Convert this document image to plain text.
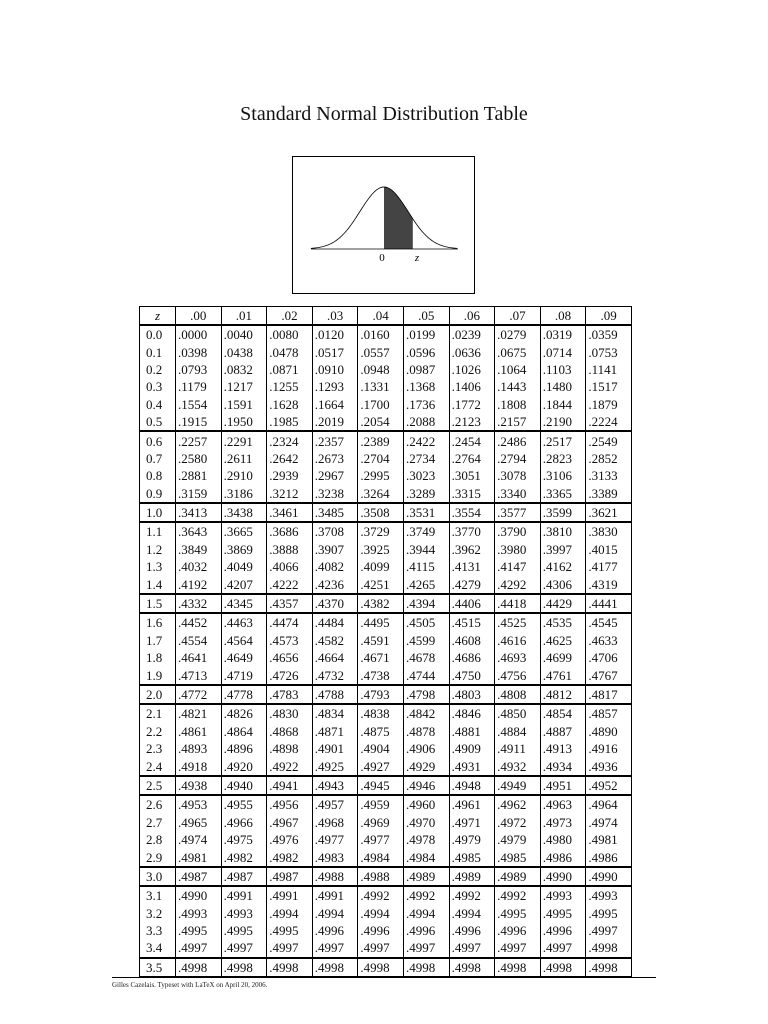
Standard Normal Distribution Table
0	z
z	.00	.01	.02	.03	.04	.05	.06	.07	.08	.09
0.0	.0000	.0040	.0080	.0120	.0160	.0199	.0239	.0279	.0319	.0359
0.1	.0398	.0438	.0478	.0517	.0557	.0596	.0636	.0675	.0714	.0753
0.2	.0793	.0832	.0871	.0910	.0948	.0987	.1026	.1064	.1103	.1141
0.3	.1179	.1217	.1255	.1293	.1331	.1368	.1406	.1443	.1480	.1517
0.4	.1554	.1591	.1628	.1664	.1700	.1736	.1772	.1808	.1844	.1879
0.5	.1915	.1950	.1985	.2019	.2054	.2088	.2123	.2157	.2190	.2224
0.6	.2257	.2291	.2324	.2357	.2389	.2422	.2454	.2486	.2517	.2549
0.7	.2580	.2611	.2642	.2673	.2704	.2734	.2764	.2794	.2823	.2852
0.8	.2881	.2910	.2939	.2967	.2995	.3023	.3051	.3078	.3106	.3133
0.9	.3159	.3186	.3212	.3238	.3264	.3289	.3315	.3340	.3365	.3389
1.0	.3413	.3438	.3461	.3485	.3508	.3531	.3554	.3577	.3599	.3621
1.1	.3643	.3665	.3686	.3708	.3729	.3749	.3770	.3790	.3810	.3830
1.2	.3849	.3869	.3888	.3907	.3925	.3944	.3962	.3980	.3997	.4015
1.3	.4032	.4049	.4066	.4082	.4099	.4115	.4131	.4147	.4162	.4177
1.4	.4192	.4207	.4222	.4236	.4251	.4265	.4279	.4292	.4306	.4319
1.5	.4332	.4345	.4357	.4370	.4382	.4394	.4406	.4418	.4429	.4441
1.6	.4452	.4463	.4474	.4484	.4495	.4505	.4515	.4525	.4535	.4545
1.7	.4554	.4564	.4573	.4582	.4591	.4599	.4608	.4616	.4625	.4633
1.8	.4641	.4649	.4656	.4664	.4671	.4678	.4686	.4693	.4699	.4706
1.9	.4713	.4719	.4726	.4732	.4738	.4744	.4750	.4756	.4761	.4767
2.0	.4772	.4778	.4783	.4788	.4793	.4798	.4803	.4808	.4812	.4817
2.1	.4821	.4826	.4830	.4834	.4838	.4842	.4846	.4850	.4854	.4857
2.2	.4861	.4864	.4868	.4871	.4875	.4878	.4881	.4884	.4887	.4890
2.3	.4893	.4896	.4898	.4901	.4904	.4906	.4909	.4911	.4913	.4916
2.4	.4918	.4920	.4922	.4925	.4927	.4929	.4931	.4932	.4934	.4936
2.5	.4938	.4940	.4941	.4943	.4945	.4946	.4948	.4949	.4951	.4952
2.6	.4953	.4955	.4956	.4957	.4959	.4960	.4961	.4962	.4963	.4964
2.7	.4965	.4966	.4967	.4968	.4969	.4970	.4971	.4972	.4973	.4974
2.8	.4974	.4975	.4976	.4977	.4977	.4978	.4979	.4979	.4980	.4981
2.9	.4981	.4982	.4982	.4983	.4984	.4984	.4985	.4985	.4986	.4986
3.0	.4987	.4987	.4987	.4988	.4988	.4989	.4989	.4989	.4990	.4990
3.1	.4990	.4991	.4991	.4991	.4992	.4992	.4992	.4992	.4993	.4993
3.2	.4993	.4993	.4994	.4994	.4994	.4994	.4994	.4995	.4995	.4995
3.3	.4995	.4995	.4995	.4996	.4996	.4996	.4996	.4996	.4996	.4997
3.4	.4997	.4997	.4997	.4997	.4997	.4997	.4997	.4997	.4997	.4998
3.5	.4998	.4998	.4998	.4998	.4998	.4998	.4998	.4998	.4998	.4998
Gilles Cazelais. Typeset with LaTeX on April 20, 2006.
